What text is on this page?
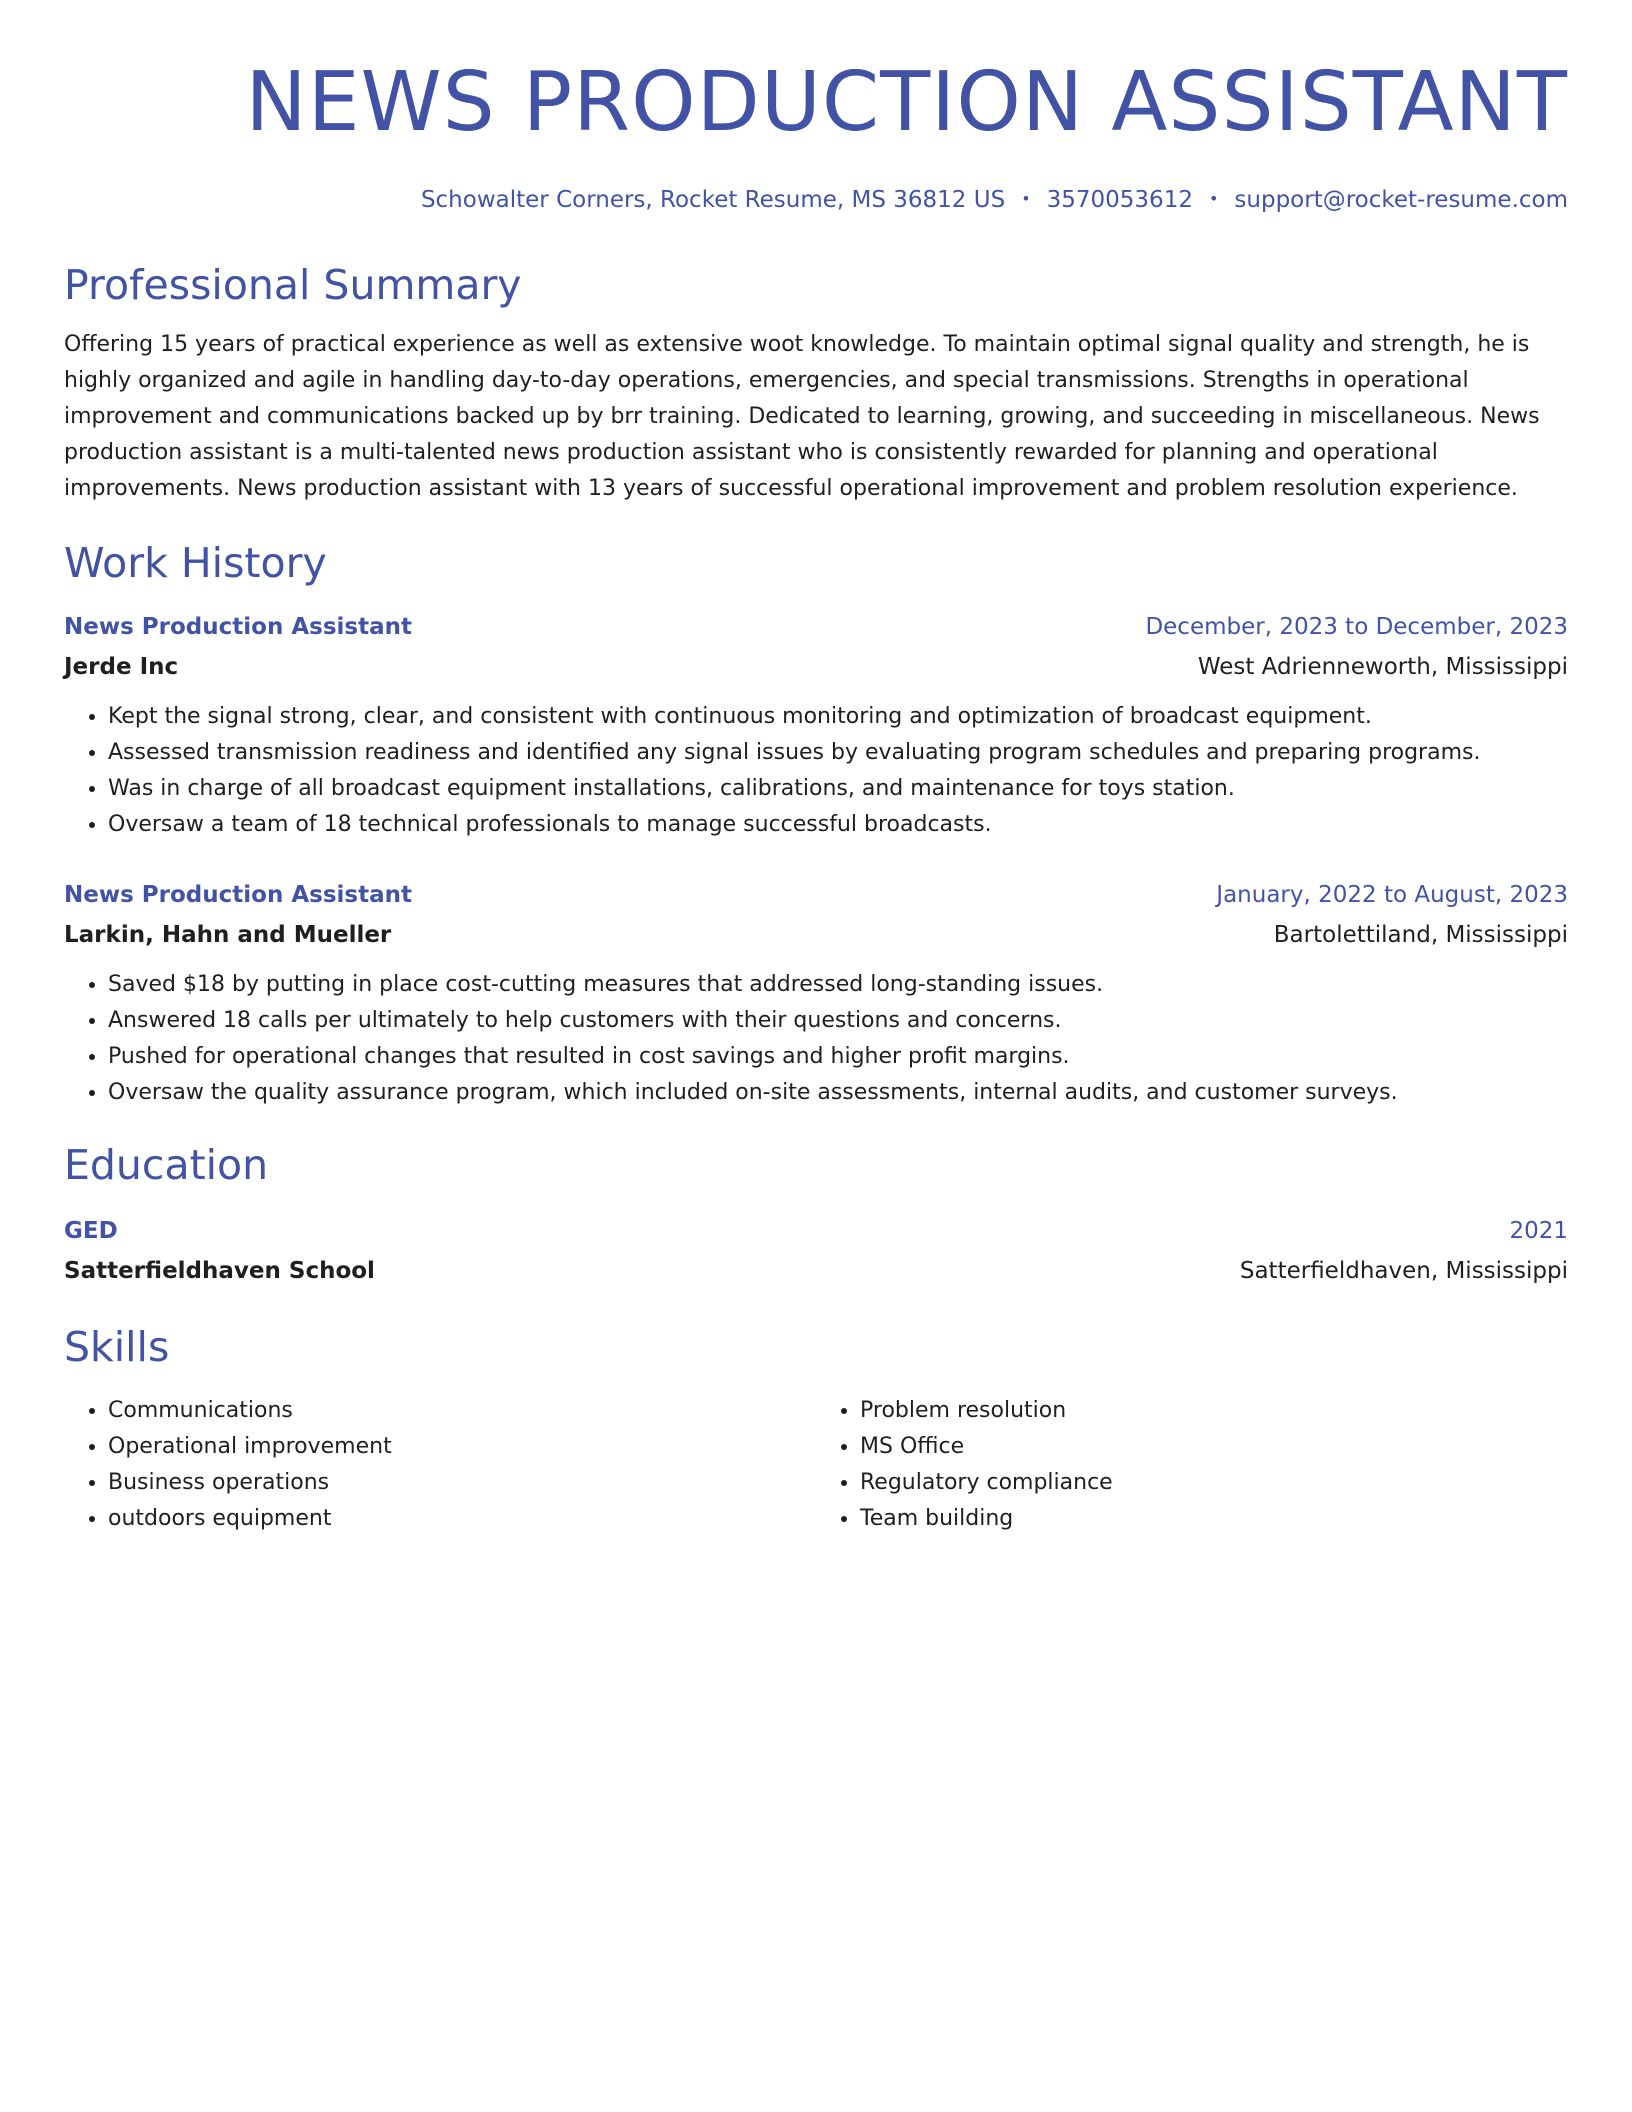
NEWS PRODUCTION ASSISTANT
Schowalter Corners, Rocket Resume, MS 36812 US • 3570053612 • support@rocket-resume.com
Professional Summary
Offering 15 years of practical experience as well as extensive woot knowledge. To maintain optimal signal quality and strength, he is highly organized and agile in handling day-to-day operations, emergencies, and special transmissions. Strengths in operational improvement and communications backed up by brr training. Dedicated to learning, growing, and succeeding in miscellaneous. News production assistant is a multi-talented news production assistant who is consistently rewarded for planning and operational improvements. News production assistant with 13 years of successful operational improvement and problem resolution experience.
Work History
News Production Assistant	December, 2023 to December, 2023
Jerde Inc	West Adrienneworth, Mississippi
• Kept the signal strong, clear, and consistent with continuous monitoring and optimization of broadcast equipment.
• Assessed transmission readiness and identified any signal issues by evaluating program schedules and preparing programs.
• Was in charge of all broadcast equipment installations, calibrations, and maintenance for toys station.
• Oversaw a team of 18 technical professionals to manage successful broadcasts.
News Production Assistant	January, 2022 to August, 2023
Larkin, Hahn and Mueller	Bartolettiland, Mississippi
• Saved $18 by putting in place cost-cutting measures that addressed long-standing issues.
• Answered 18 calls per ultimately to help customers with their questions and concerns.
• Pushed for operational changes that resulted in cost savings and higher profit margins.
• Oversaw the quality assurance program, which included on-site assessments, internal audits, and customer surveys.
Education
GED	2021
Satterfieldhaven School	Satterfieldhaven, Mississippi
Skills
• Communications
• Operational improvement
• Business operations
• outdoors equipment
• Problem resolution
• MS Office
• Regulatory compliance
• Team building
